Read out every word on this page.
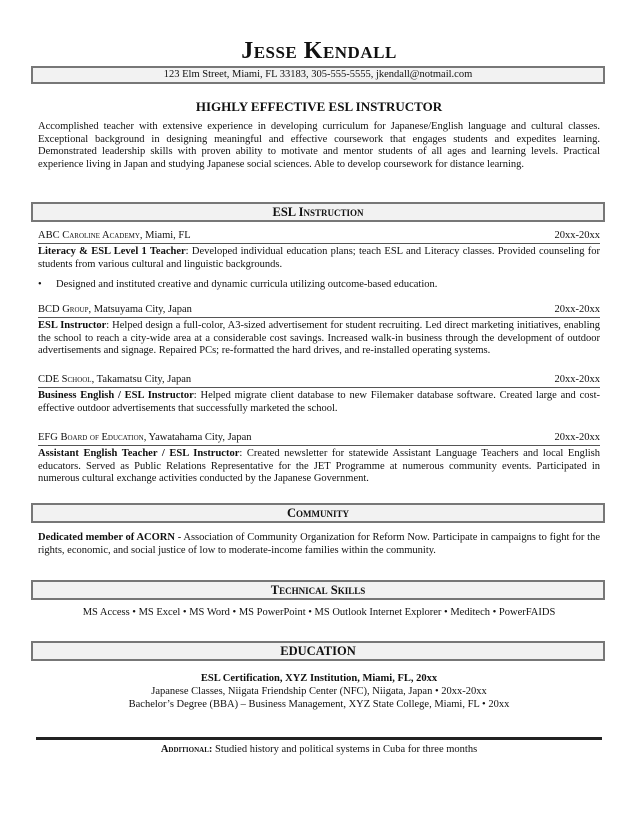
Jesse Kendall
123 Elm Street, Miami, FL 33183, 305-555-5555, jkendall@notmail.com
HIGHLY EFFECTIVE ESL INSTRUCTOR

Accomplished teacher with extensive experience in developing curriculum for Japanese/English language and cultural classes. Exceptional background in designing meaningful and effective coursework that engages students and expedites learning. Demonstrated leadership skills with proven ability to motivate and mentor students of all ages and learning levels. Practical experience living in Japan and studying Japanese social sciences. Able to develop coursework for distance learning.

ESL Instruction
ABC Caroline Academy, Miami, FL	20xx-20xx
Literacy & ESL Level 1 Teacher: Developed individual education plans; teach ESL and Literacy classes. Provided counseling for students from various cultural and linguistic backgrounds.
• Designed and instituted creative and dynamic curricula utilizing outcome-based education.
BCD Group, Matsuyama City, Japan	20xx-20xx
ESL Instructor: Helped design a full-color, A3-sized advertisement for student recruiting. Led direct marketing initiatives, enabling the school to reach a city-wide area at a considerable cost savings. Increased walk-in business through the development of outdoor advertisements and signage. Repaired PCs; re-formatted the hard drives, and re-installed operating systems.
CDE School, Takamatsu City, Japan	20xx-20xx
Business English / ESL Instructor: Helped migrate client database to new Filemaker database software. Created large and cost-effective outdoor advertisements that successfully marketed the school.
EFG Board of Education, Yawatahama City, Japan	20xx-20xx
Assistant English Teacher / ESL Instructor: Created newsletter for statewide Assistant Language Teachers and local English educators. Served as Public Relations Representative for the JET Programme at numerous community events. Participated in numerous cultural exchange activities conducted by the Japanese Government.
Community

Dedicated member of ACORN - Association of Community Organization for Reform Now. Participate in campaigns to fight for the rights, economic, and social justice of low to moderate-income families within the community.

Technical Skills
MS Access • MS Excel • MS Word • MS PowerPoint • MS Outlook Internet Explorer • Meditech • PowerFAIDS
EDUCATION
ESL Certification, XYZ Institution, Miami, FL, 20xx
Japanese Classes, Niigata Friendship Center (NFC), Niigata, Japan • 20xx-20xx
Bachelor’s Degree (BBA) – Business Management, XYZ State College, Miami, FL • 20xx
Additional: Studied history and political systems in Cuba for three months
